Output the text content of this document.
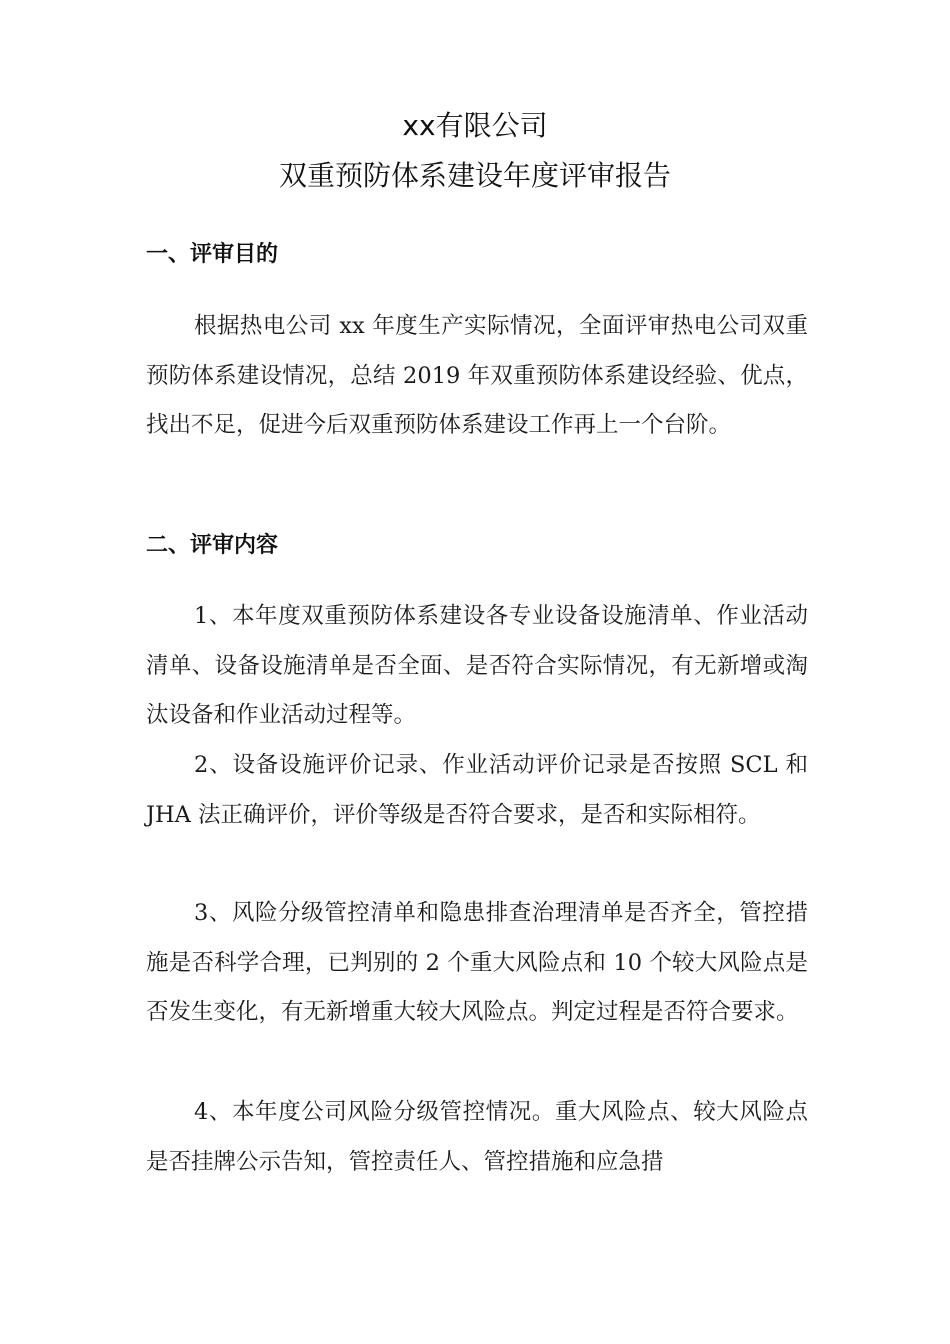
xx有限公司
双重预防体系建设年度评审报告
一、评审目的

根据热电公司 xx 年度生产实际情况，全面评审热电公司双重预防体系建设情况，总结 2019 年双重预防体系建设经验、优点，找出不足，促进今后双重预防体系建设工作再上一个台阶。

二、评审内容

1、本年度双重预防体系建设各专业设备设施清单、作业活动清单、设备设施清单是否全面、是否符合实际情况，有无新增或淘汰设备和作业活动过程等。

2、设备设施评价记录、作业活动评价记录是否按照 SCL 和 JHA 法正确评价，评价等级是否符合要求，是否和实际相符。

3、风险分级管控清单和隐患排查治理清单是否齐全，管控措施是否科学合理，已判别的 2 个重大风险点和 10 个较大风险点是否发生变化，有无新增重大较大风险点。判定过程是否符合要求。

4、本年度公司风险分级管控情况。重大风险点、较大风险点是否挂牌公示告知，管控责任人、管控措施和应急措
